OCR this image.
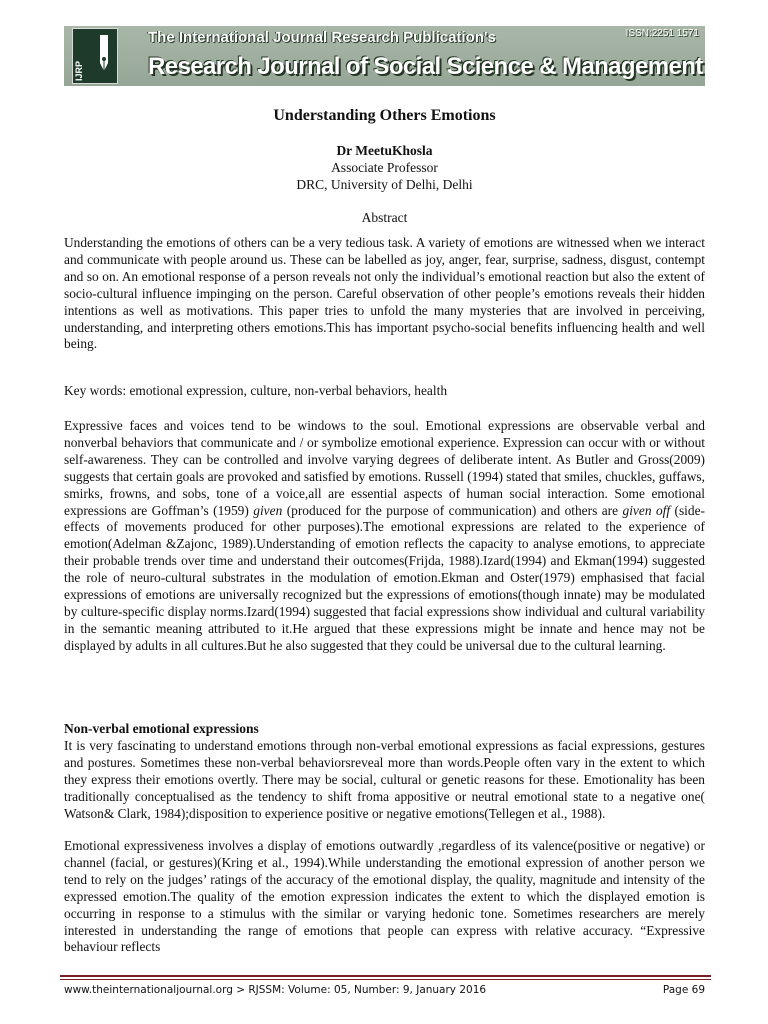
IJRP
The International Journal Research Publication's	ISSN:2251 1571
Research Journal of Social Science & Management
Understanding Others Emotions
Dr MeetuKhosla
Associate Professor
DRC, University of Delhi, Delhi
Abstract

Understanding the emotions of others can be a very tedious task. A variety of emotions are witnessed when we interact and communicate with people around us. These can be labelled as joy, anger, fear, surprise, sadness, disgust, contempt and so on. An emotional response of a person reveals not only the individual’s emotional reaction but also the extent of socio-cultural influence impinging on the person. Careful observation of other people’s emotions reveals their hidden intentions as well as motivations. This paper tries to unfold the many mysteries that are involved in perceiving, understanding, and interpreting others emotions.This has important psycho-social benefits influencing health and well being.

Key words: emotional expression, culture, non-verbal behaviors, health

Expressive faces and voices tend to be windows to the soul. Emotional expressions are observable verbal and nonverbal behaviors that communicate and / or symbolize emotional experience. Expression can occur with or without self-awareness. They can be controlled and involve varying degrees of deliberate intent. As Butler and Gross(2009) suggests that certain goals are provoked and satisfied by emotions. Russell (1994) stated that smiles, chuckles, guffaws, smirks, frowns, and sobs, tone of a voice,all are essential aspects of human social interaction. Some emotional expressions are Goffman’s (1959) given (produced for the purpose of communication) and others are given off (side-effects of movements produced for other purposes).The emotional expressions are related to the experience of emotion(Adelman &Zajonc, 1989).Understanding of emotion reflects the capacity to analyse emotions, to appreciate their probable trends over time and understand their outcomes(Frijda, 1988).Izard(1994) and Ekman(1994) suggested the role of neuro-cultural substrates in the modulation of emotion.Ekman and Oster(1979) emphasised that facial expressions of emotions are universally recognized but the expressions of emotions(though innate) may be modulated by culture-specific display norms.Izard(1994) suggested that facial expressions show individual and cultural variability in the semantic meaning attributed to it.He argued that these expressions might be innate and hence may not be displayed by adults in all cultures.But he also suggested that they could be universal due to the cultural learning.

Non-verbal emotional expressions

It is very fascinating to understand emotions through non-verbal emotional expressions as facial expressions, gestures and postures. Sometimes these non-verbal behaviorsreveal more than words.People often vary in the extent to which they express their emotions overtly. There may be social, cultural or genetic reasons for these. Emotionality has been traditionally conceptualised as the tendency to shift froma appositive or neutral emotional state to a negative one( Watson& Clark, 1984);disposition to experience positive or negative emotions(Tellegen et al., 1988).

Emotional expressiveness involves a display of emotions outwardly ,regardless of its valence(positive or negative) or channel (facial, or gestures)(Kring et al., 1994).While understanding the emotional expression of another person we tend to rely on the judges’ ratings of the accuracy of the emotional display, the quality, magnitude and intensity of the expressed emotion.The quality of the emotion expression indicates the extent to which the displayed emotion is occurring in response to a stimulus with the similar or varying hedonic tone. Sometimes researchers are merely interested in understanding the range of emotions that people can express with relative accuracy. “Expressive behaviour reflects

www.theinternationaljournal.org > RJSSM: Volume: 05, Number: 9, January 2016	Page 69
